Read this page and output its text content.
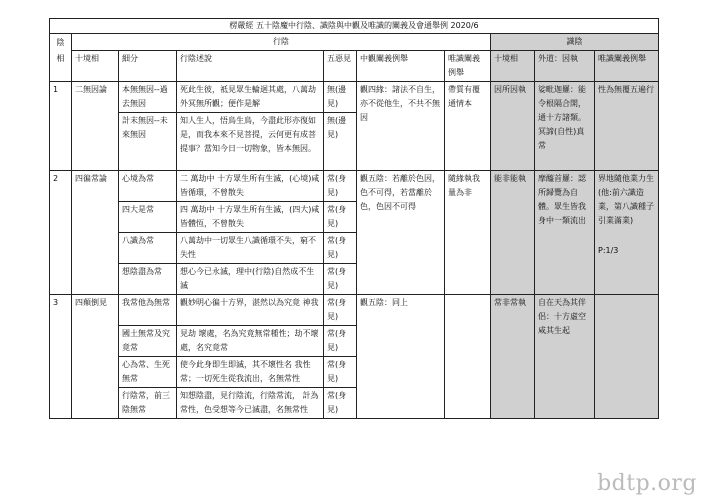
楞嚴經 五十陰魔中行陰、識陰與中觀及唯識的闡義及會通舉例 2020/6									
陰相	行陰						識陰		
	十境相	細分	行陰述說	五惡見	中觀闡義例舉	唯識闡義例舉	十境相	外道：因執	唯識闡義例舉
1	二無因論	本無無因--過去無因	死此生彼，祗見眾生輪迴其處，八萬劫外冥無所觀；便作是解	無(邊見)	觀四緣：諸法不自生，亦不從他生，不共不無因	帶質有覆通情本	因所因執	娑毗迦羅：能令根隔合開，通十方諸類。冥諦(自性)真常	性為無覆五遍行
		計末無因--未來無因	知人生人，悟鳥生鳥，今盡此形亦復如是，而我本來不見菩提，云何更有成菩提事？當知今日一切物象，皆本無因。	無(邊見)					
2	四徧常論	心境為常	二 萬劫中 十方眾生所有生滅，(心境)咸皆循環，不曾散失	常(身見)	觀五陰：若離於色因，色不可得，若當離於色，色因不可得	隨緣執我量為非	能非能執	摩醯首羅：認所歸覽為自體。眾生皆我身中一類流出	界地隨他業力生(他:前六識造業，第八識種子引業滿業)
P:1/3

		四大是常	四 萬劫中 十方眾生所有生滅，(四大)咸皆體恆，不曾散失	常(身見)					
		八識為常	八萬劫中一切眾生八識循環不失，窮不失性	常(身見)					
		想陰盡為常	想心今已永滅，理中(行陰)自然成不生滅	常(身見)					
3	四顛倒見	我常他為無常	觀妙明心徧十方界，湛然以為究竟 神我	常(身見)	觀五陰：同上		常非常執	自在天為其伴侶：十方虛空咸其生起	
		國土無常及究竟常	見劫 壞處，名為究竟無常種性；劫不壞處，名究竟常	常(身見)					
		心為常、生死無常	使今此身即生即滅，其不壞性名 我性常；一切死生從我流出，名無常性	常(身見)					
		行陰常，前三陰無常	知想陰盡，見行陰流，行陰常流， 計為常性，色受想等今已滅盡，名無常性	常(身見)					
bdtp.org
